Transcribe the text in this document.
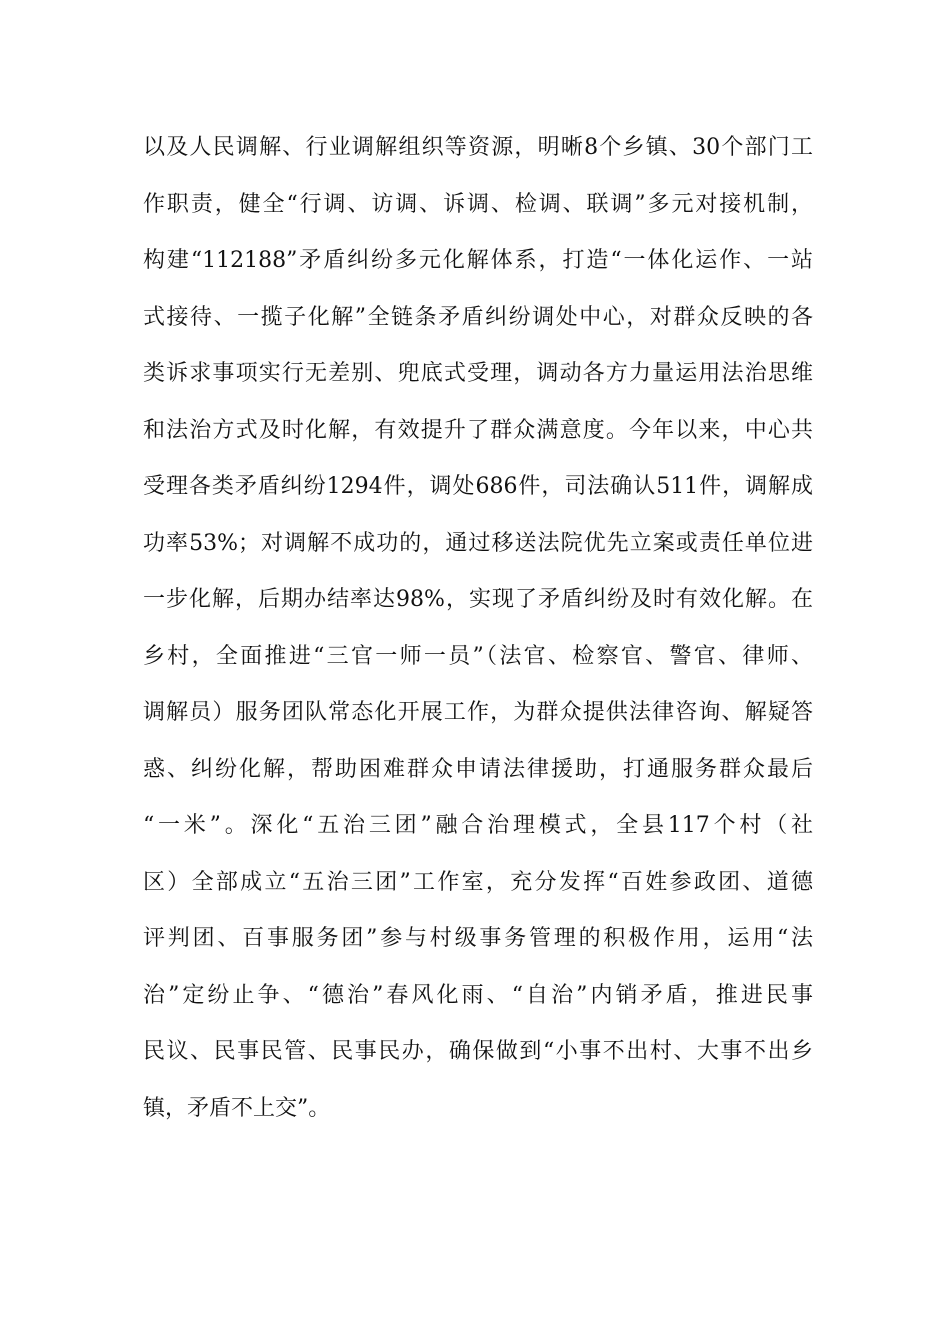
以及人民调解、行业调解组织等资源，明晰8个乡镇、30个部门工
作职责，健全“行调、访调、诉调、检调、联调”多元对接机制，
构建“112188”矛盾纠纷多元化解体系，打造“一体化运作、一站
式接待、一揽子化解”全链条矛盾纠纷调处中心，对群众反映的各
类诉求事项实行无差别、兜底式受理，调动各方力量运用法治思维
和法治方式及时化解，有效提升了群众满意度。今年以来，中心共
受理各类矛盾纠纷1294件，调处686件，司法确认511件，调解成
功率53%；对调解不成功的，通过移送法院优先立案或责任单位进
一步化解，后期办结率达98%，实现了矛盾纠纷及时有效化解。在
乡村，全面推进“三官一师一员”（法官、检察官、警官、律师、
调解员）服务团队常态化开展工作，为群众提供法律咨询、解疑答
惑、纠纷化解，帮助困难群众申请法律援助，打通服务群众最后
“一米”。深化“五治三团”融合治理模式，全县117个村（社
区）全部成立“五治三团”工作室，充分发挥“百姓参政团、道德
评判团、百事服务团”参与村级事务管理的积极作用，运用“法
治”定纷止争、“德治”春风化雨、“自治”内销矛盾，推进民事
民议、民事民管、民事民办，确保做到“小事不出村、大事不出乡
镇，矛盾不上交”。
